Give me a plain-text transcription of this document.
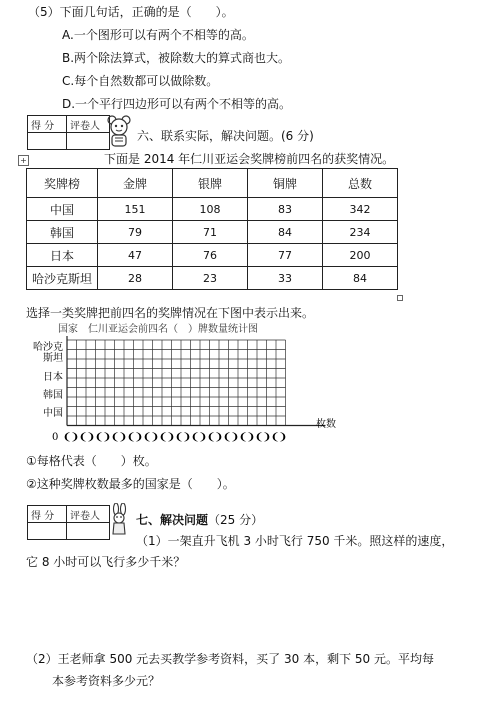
（5）下面几句话，正确的是（　　）。
A.一个图形可以有两个不相等的高。
B.两个除法算式，被除数大的算式商也大。
C.每个自然数都可以做除数。
D.一个平行四边形可以有两个不相等的高。
得 分	评卷人

六、联系实际，解决问题。(6 分)
+	下面是 2014 年仁川亚运会奖牌榜前四名的获奖情况。
奖牌榜	金牌	银牌	铜牌	总数
中国	151	108	83	342
韩国	79	71	84	234
日本	47	76	77	200
哈沙克斯坦	28	23	33	84
选择一类奖牌把前四名的奖牌情况在下图中表示出来。
国家 仁川亚运会前四名（　）牌数量统计图
哈沙克
斯坦
日本
韩国
中国
0 ()()()()()()()()()()()()()()
枚数
①每格代表（　　）枚。
②这种奖牌枚数最多的国家是（　　）。
得 分	评卷人
		七、解决问题（25 分）
（1）一架直升飞机 3 小时飞行 750 千米。照这样的速度，
它 8 小时可以飞行多少千米？
（2）王老师拿 500 元去买教学参考资料，买了 30 本，剩下 50 元。平均每
本参考资料多少元？
